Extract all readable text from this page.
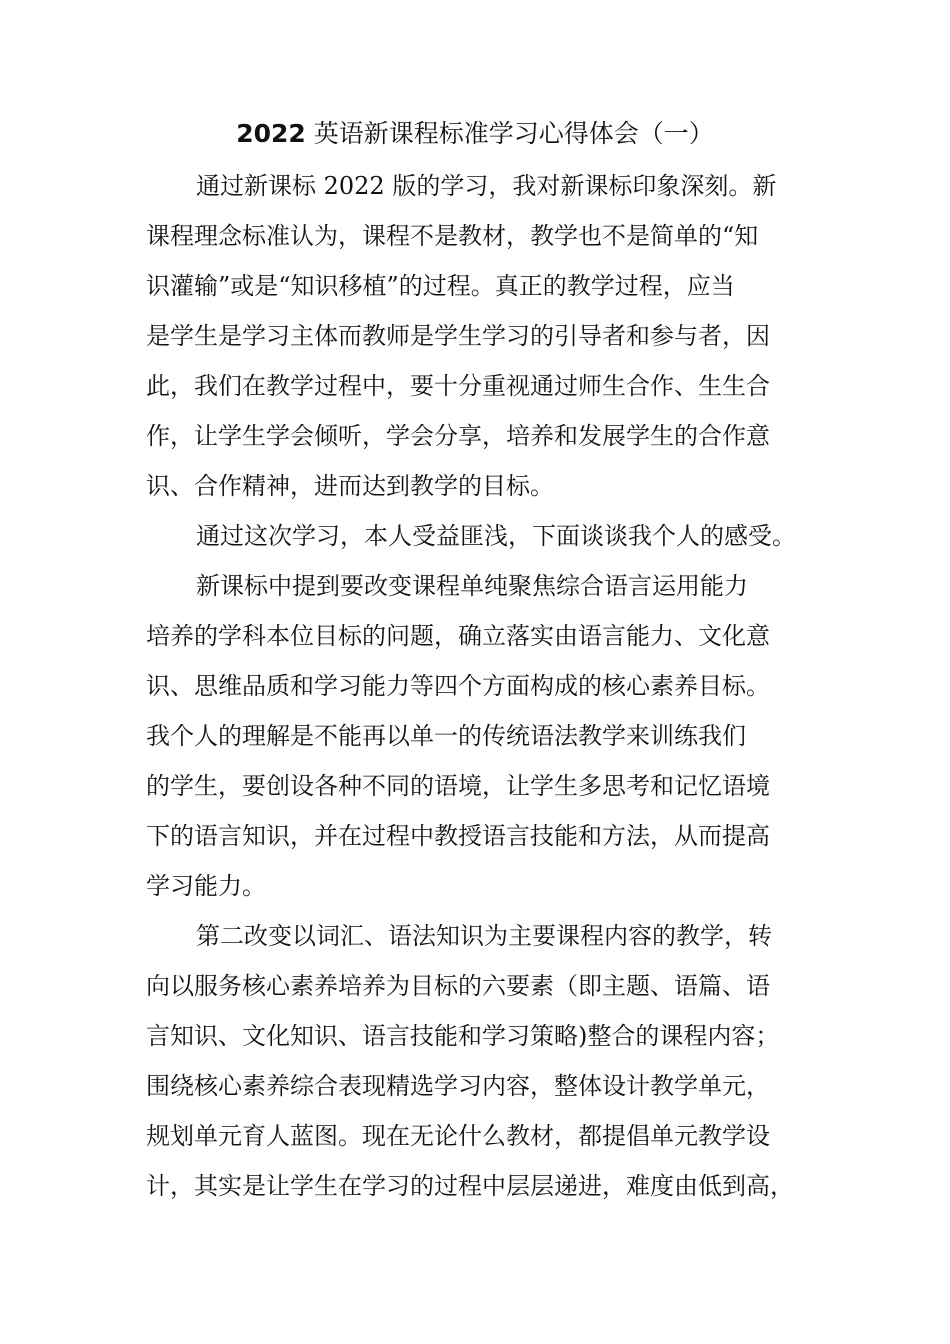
2022 英语新课程标准学习心得体会（一）

通过新课标 2022 版的学习，我对新课标印象深刻。新

课程理念标准认为，课程不是教材，教学也不是简单的“知

识灌输”或是“知识移植”的过程。真正的教学过程，应当

是学生是学习主体而教师是学生学习的引导者和参与者，因

此，我们在教学过程中，要十分重视通过师生合作、生生合

作，让学生学会倾听，学会分享，培养和发展学生的合作意

识、合作精神，进而达到教学的目标。

通过这次学习，本人受益匪浅，下面谈谈我个人的感受。

新课标中提到要改变课程单纯聚焦综合语言运用能力

培养的学科本位目标的问题，确立落实由语言能力、文化意

识、思维品质和学习能力等四个方面构成的核心素养目标。

我个人的理解是不能再以单一的传统语法教学来训练我们

的学生，要创设各种不同的语境，让学生多思考和记忆语境

下的语言知识，并在过程中教授语言技能和方法，从而提高

学习能力。

第二改变以词汇、语法知识为主要课程内容的教学，转

向以服务核心素养培养为目标的六要素（即主题、语篇、语

言知识、文化知识、语言技能和学习策略)整合的课程内容；

围绕核心素养综合表现精选学习内容，整体设计教学单元，

规划单元育人蓝图。现在无论什么教材，都提倡单元教学设

计，其实是让学生在学习的过程中层层递进，难度由低到高，
